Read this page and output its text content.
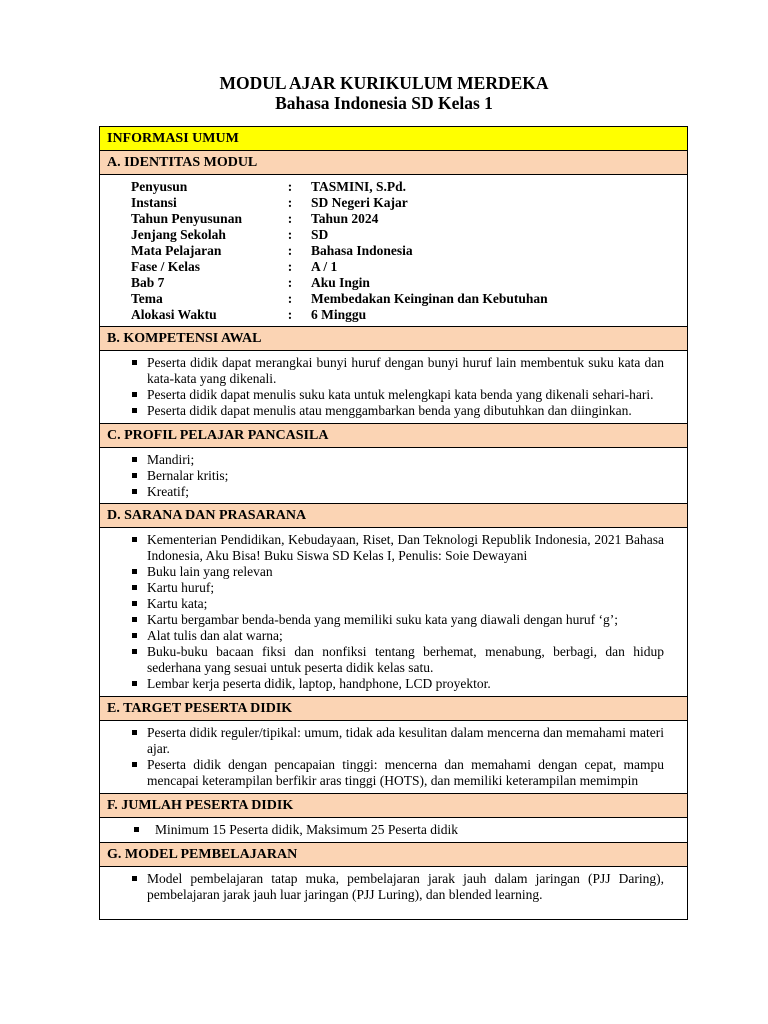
MODUL AJAR KURIKULUM MERDEKA
Bahasa Indonesia SD Kelas 1
INFORMASI UMUM
A. IDENTITAS MODUL
Penyusun	:	TASMINI, S.Pd.
Instansi	:	SD Negeri Kajar
Tahun Penyusunan	:	Tahun 2024
Jenjang Sekolah	:	SD
Mata Pelajaran	:	Bahasa Indonesia
Fase / Kelas	:	A / 1
Bab 7	:	Aku Ingin
Tema	:	Membedakan Keinginan dan Kebutuhan
Alokasi Waktu	:	6 Minggu
B. KOMPETENSI AWAL
Peserta didik dapat merangkai bunyi huruf dengan bunyi huruf lain membentuk suku kata dan kata-kata yang dikenali.
Peserta didik dapat menulis suku kata untuk melengkapi kata benda yang dikenali sehari-hari.
Peserta didik dapat menulis atau menggambarkan benda yang dibutuhkan dan diinginkan.
C. PROFIL PELAJAR PANCASILA
Mandiri;
Bernalar kritis;
Kreatif;
D. SARANA DAN PRASARANA
Kementerian Pendidikan, Kebudayaan, Riset, Dan Teknologi Republik Indonesia, 2021 Bahasa Indonesia, Aku Bisa! Buku Siswa SD Kelas I, Penulis: Soie Dewayani
Buku lain yang relevan
Kartu huruf;
Kartu kata;
Kartu bergambar benda-benda yang memiliki suku kata yang diawali dengan huruf ‘g’;
Alat tulis dan alat warna;
Buku-buku bacaan fiksi dan nonfiksi tentang berhemat, menabung, berbagi, dan hidup sederhana yang sesuai untuk peserta didik kelas satu.
Lembar kerja peserta didik, laptop, handphone, LCD proyektor.
E. TARGET PESERTA DIDIK
Peserta didik reguler/tipikal: umum, tidak ada kesulitan dalam mencerna dan memahami materi ajar.
Peserta didik dengan pencapaian tinggi: mencerna dan memahami dengan cepat, mampu mencapai keterampilan berfikir aras tinggi (HOTS), dan memiliki keterampilan memimpin
F. JUMLAH PESERTA DIDIK
Minimum 15 Peserta didik, Maksimum 25 Peserta didik
G. MODEL PEMBELAJARAN
Model pembelajaran tatap muka, pembelajaran jarak jauh dalam jaringan (PJJ Daring), pembelajaran jarak jauh luar jaringan (PJJ Luring), dan blended learning.
